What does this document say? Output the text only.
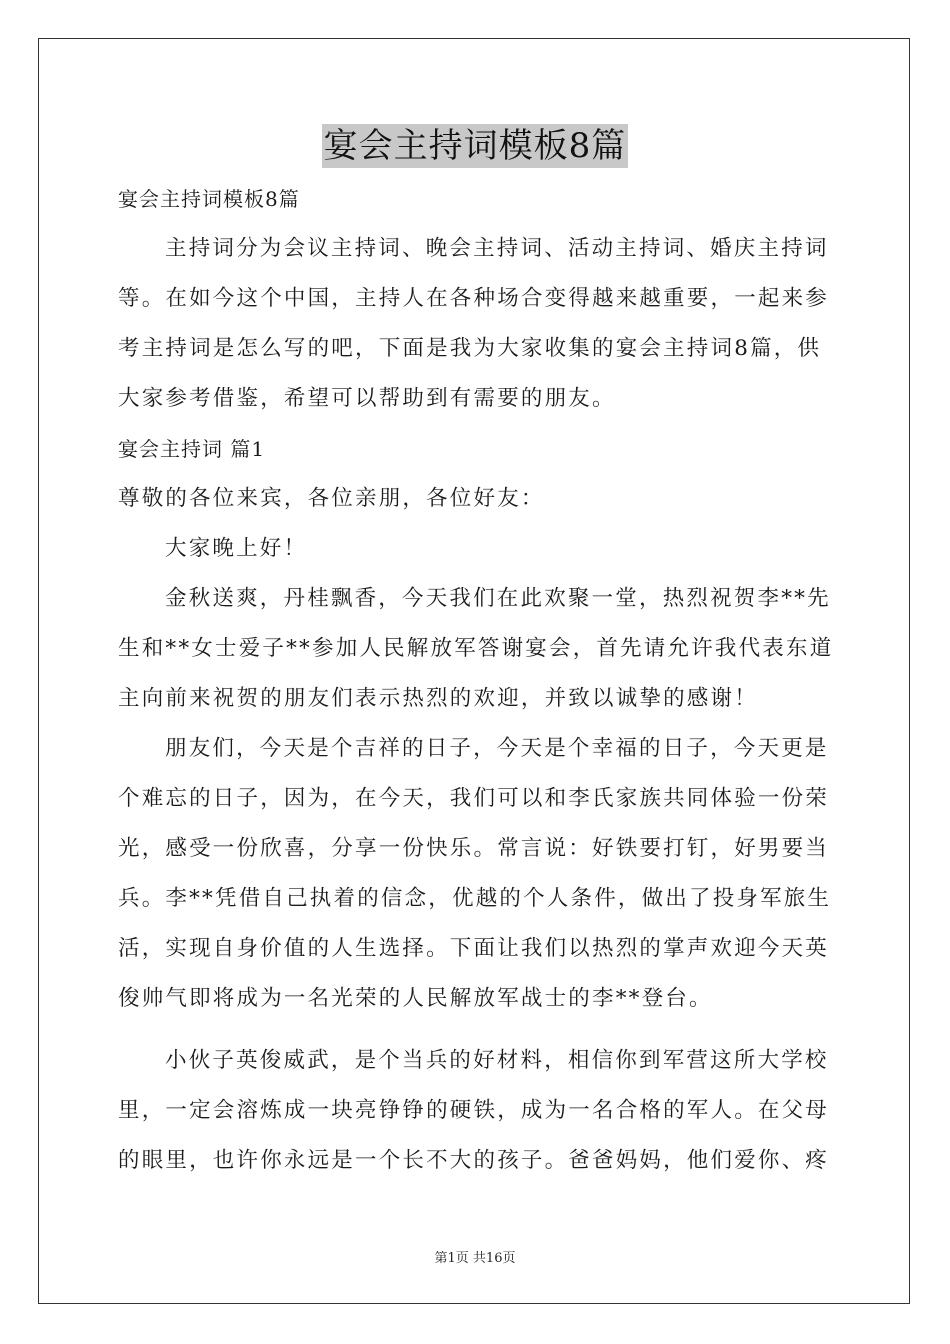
宴会主持词模板8篇
宴会主持词模板8篇
主持词分为会议主持词、晚会主持词、活动主持词、婚庆主持词
等。在如今这个中国，主持人在各种场合变得越来越重要，一起来参
考主持词是怎么写的吧，下面是我为大家收集的宴会主持词8篇，供
大家参考借鉴，希望可以帮助到有需要的朋友。
宴会主持词 篇1
尊敬的各位来宾，各位亲朋，各位好友：
大家晚上好！
金秋送爽，丹桂飘香，今天我们在此欢聚一堂，热烈祝贺李**先
生和**女士爱子**参加人民解放军答谢宴会，首先请允许我代表东道
主向前来祝贺的朋友们表示热烈的欢迎，并致以诚挚的感谢！
朋友们，今天是个吉祥的日子，今天是个幸福的日子，今天更是
个难忘的日子，因为，在今天，我们可以和李氏家族共同体验一份荣
光，感受一份欣喜，分享一份快乐。常言说：好铁要打钉，好男要当
兵。李**凭借自己执着的信念，优越的个人条件，做出了投身军旅生
活，实现自身价值的人生选择。下面让我们以热烈的掌声欢迎今天英
俊帅气即将成为一名光荣的人民解放军战士的李**登台。
小伙子英俊威武，是个当兵的好材料，相信你到军营这所大学校
里，一定会溶炼成一块亮铮铮的硬铁，成为一名合格的军人。在父母
的眼里，也许你永远是一个长不大的孩子。爸爸妈妈，他们爱你、疼
第1页 共16页
